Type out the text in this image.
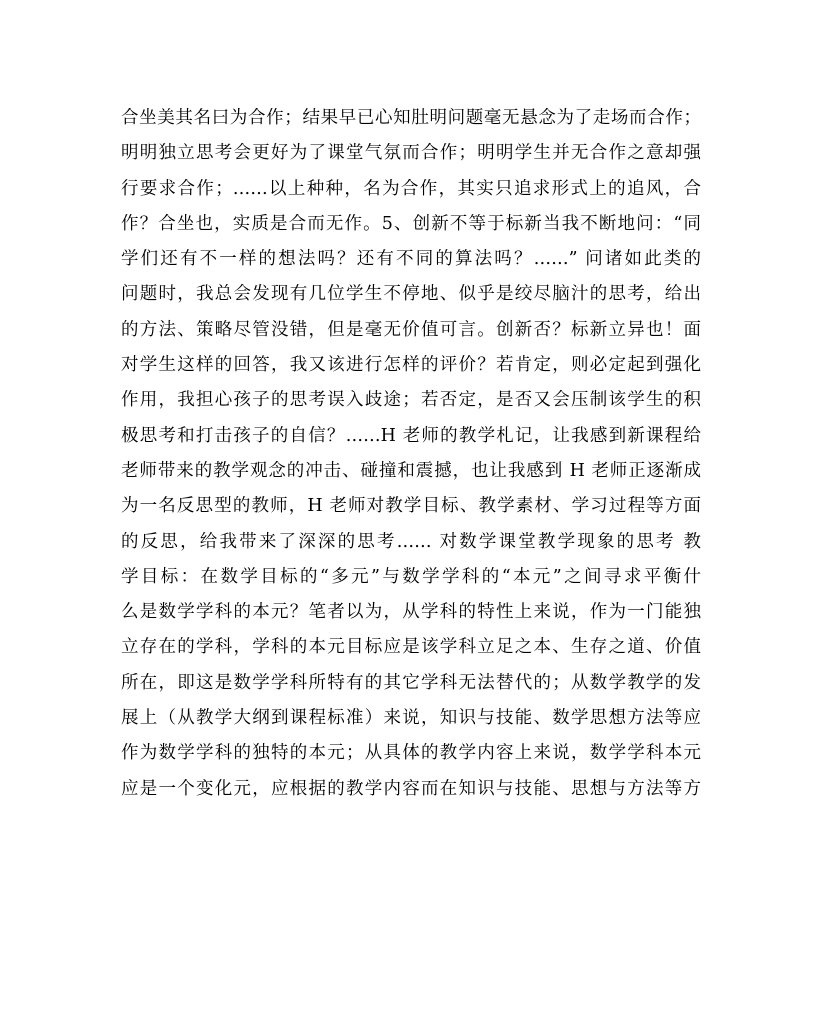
合坐美其名曰为合作；结果早已心知肚明问题毫无悬念为了走场而合作；
明明独立思考会更好为了课堂气氛而合作；明明学生并无合作之意却强
行要求合作；……以上种种，名为合作，其实只追求形式上的追风，合
作？合坐也，实质是合而无作。5、创新不等于标新当我不断地问：“同
学们还有不一样的想法吗？还有不同的算法吗？……” 问诸如此类的
问题时，我总会发现有几位学生不停地、似乎是绞尽脑汁的思考，给出
的方法、策略尽管没错，但是毫无价值可言。创新否？标新立异也！面
对学生这样的回答，我又该进行怎样的评价？若肯定，则必定起到强化
作用，我担心孩子的思考误入歧途；若否定，是否又会压制该学生的积
极思考和打击孩子的自信？……H 老师的教学札记，让我感到新课程给
老师带来的教学观念的冲击、碰撞和震撼，也让我感到 H 老师正逐渐成
为一名反思型的教师，H 老师对教学目标、教学素材、学习过程等方面
的反思，给我带来了深深的思考…… 对数学课堂教学现象的思考 教
学目标：在数学目标的“多元”与数学学科的“本元”之间寻求平衡什
么是数学学科的本元？笔者以为，从学科的特性上来说，作为一门能独
立存在的学科，学科的本元目标应是该学科立足之本、生存之道、价值
所在，即这是数学学科所特有的其它学科无法替代的；从数学教学的发
展上（从教学大纲到课程标准）来说，知识与技能、数学思想方法等应
作为数学学科的独特的本元；从具体的教学内容上来说，数学学科本元
应是一个变化元，应根据的教学内容而在知识与技能、思想与方法等方
